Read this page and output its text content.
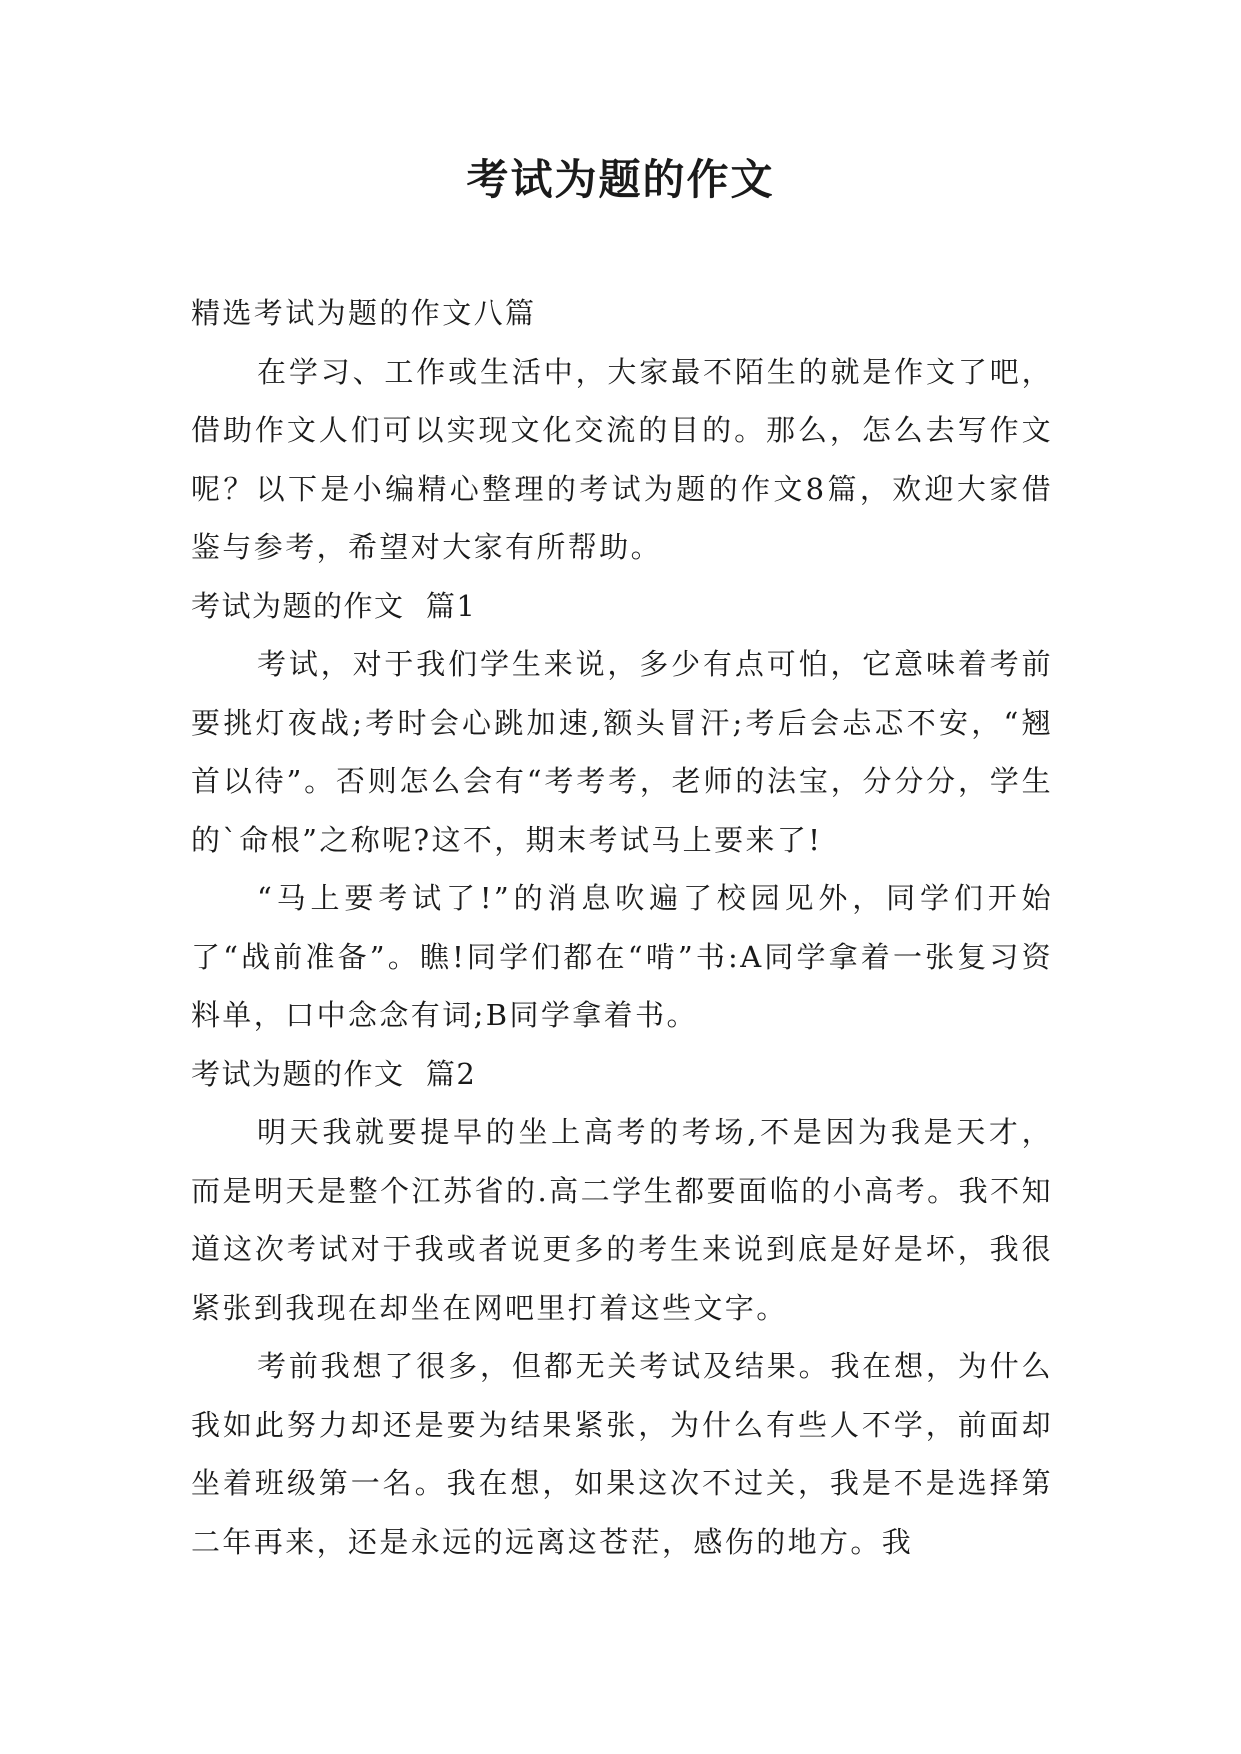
考试为题的作文

精选考试为题的作文八篇

在学习、工作或生活中，大家最不陌生的就是作文了吧，借助作文人们可以实现文化交流的目的。那么，怎么去写作文呢？以下是小编精心整理的考试为题的作文8篇，欢迎大家借鉴与参考，希望对大家有所帮助。

考试为题的作文  篇1

考试，对于我们学生来说，多少有点可怕，它意味着考前要挑灯夜战;考时会心跳加速,额头冒汗;考后会忐忑不安，“翘首以待”。否则怎么会有“考考考，老师的法宝，分分分，学生的`命根”之称呢?这不，期末考试马上要来了!

“马上要考试了!”的消息吹遍了校园见外，同学们开始了“战前准备”。瞧!同学们都在“啃”书:A同学拿着一张复习资料单，口中念念有词;B同学拿着书。

考试为题的作文  篇2

明天我就要提早的坐上高考的考场,不是因为我是天才，而是明天是整个江苏省的.高二学生都要面临的小高考。我不知道这次考试对于我或者说更多的考生来说到底是好是坏，我很紧张到我现在却坐在网吧里打着这些文字。

考前我想了很多，但都无关考试及结果。我在想，为什么我如此努力却还是要为结果紧张，为什么有些人不学，前面却坐着班级第一名。我在想，如果这次不过关，我是不是选择第二年再来，还是永远的远离这苍茫，感伤的地方。我
